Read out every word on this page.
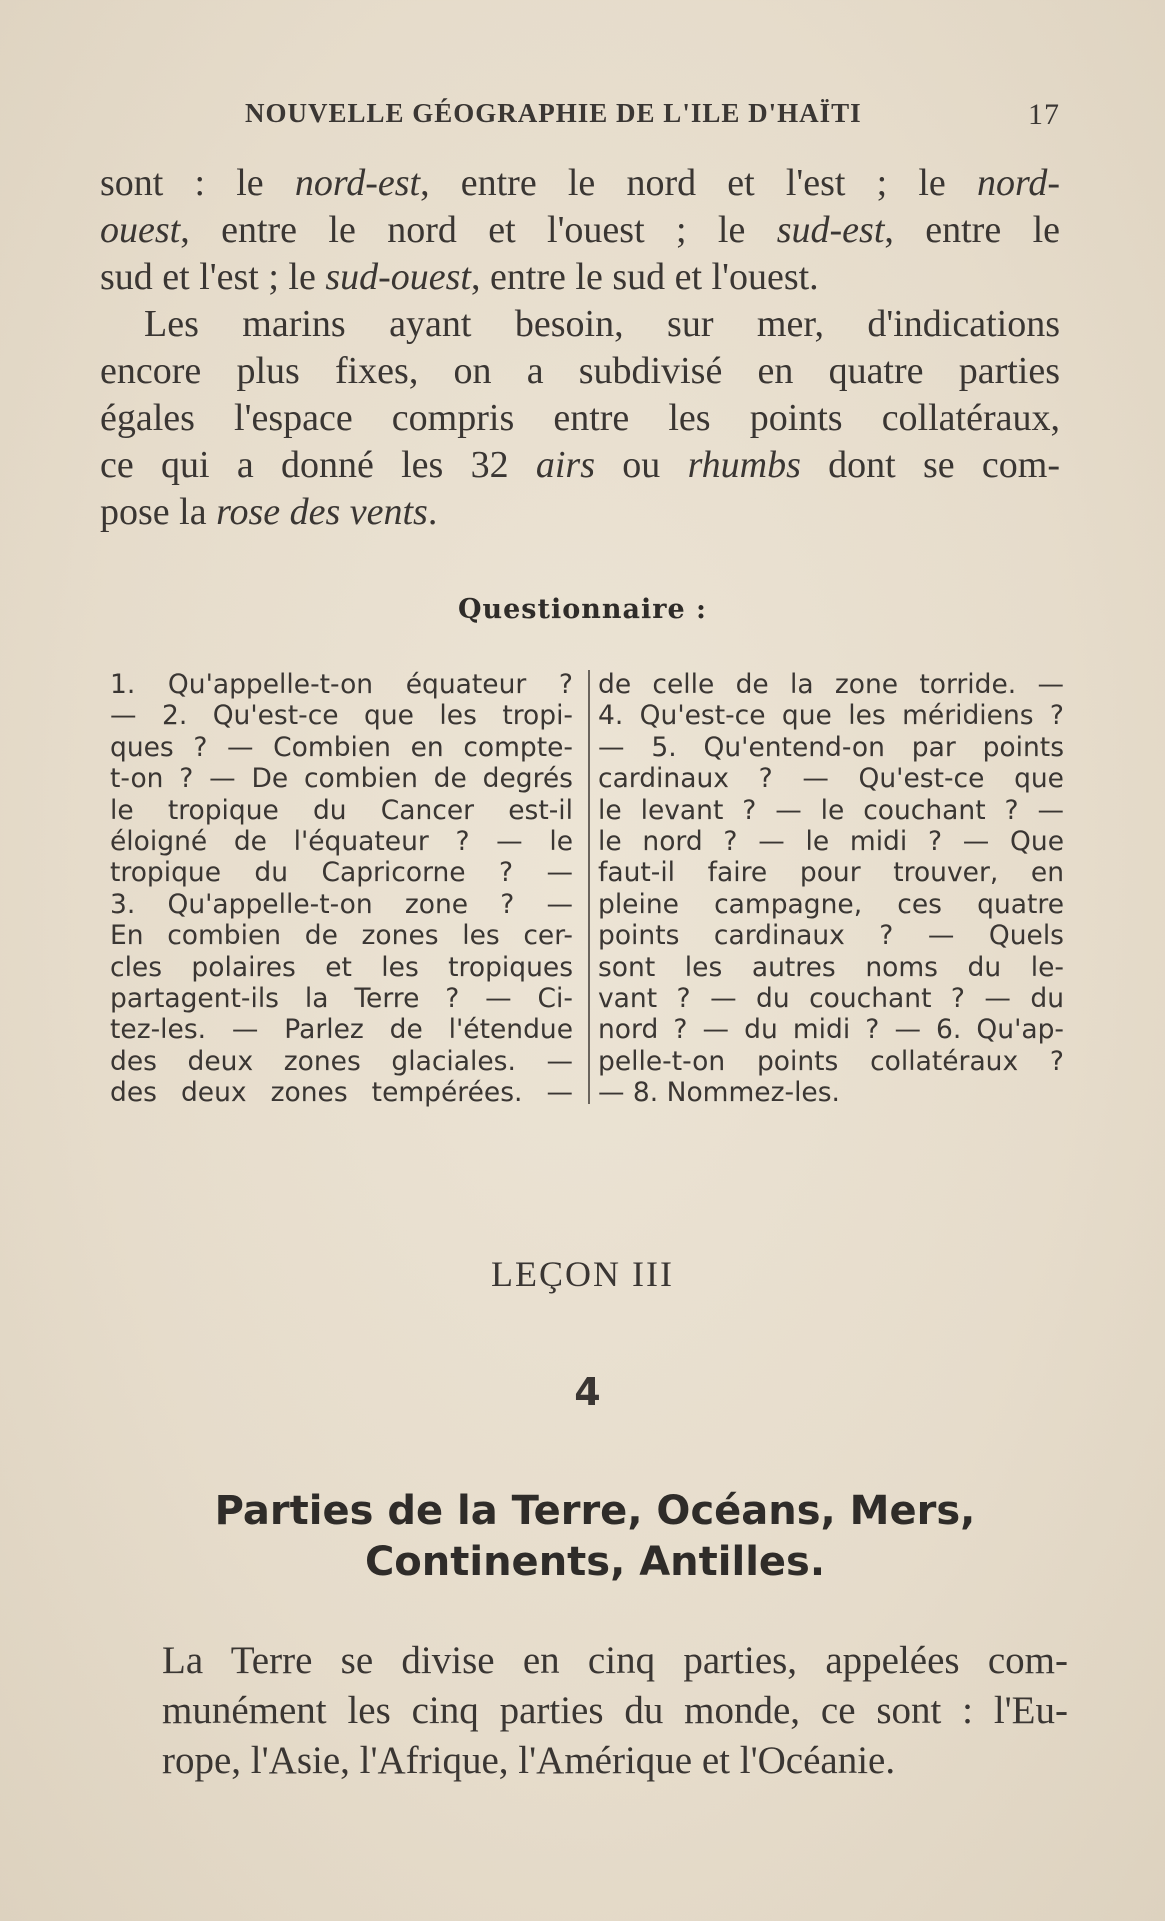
NOUVELLE GÉOGRAPHIE DE L'ILE D'HAÏTI	17
sont : le nord-est, entre le nord et l'est ; le nord-
ouest, entre le nord et l'ouest ; le sud-est, entre le
sud et l'est ; le sud-ouest, entre le sud et l'ouest.
Les marins ayant besoin, sur mer, d'indications
encore plus fixes, on a subdivisé en quatre parties
égales l'espace compris entre les points collatéraux,
ce qui a donné les 32 airs ou rhumbs dont se com-
pose la rose des vents.
Questionnaire :
1. Qu'appelle-t-on équateur ?
— 2. Qu'est-ce que les tropi-
ques ? — Combien en compte-
t-on ? — De combien de degrés
le tropique du Cancer est-il
éloigné de l'équateur ? — le
tropique du Capricorne ? —
3. Qu'appelle-t-on zone ? —
En combien de zones les cer-
cles polaires et les tropiques
partagent-ils la Terre ? — Ci-
tez-les. — Parlez de l'étendue
des deux zones glaciales. —
des deux zones tempérées. —
de celle de la zone torride. —
4. Qu'est-ce que les méridiens ?
— 5. Qu'entend-on par points
cardinaux ? — Qu'est-ce que
le levant ? — le couchant ? —
le nord ? — le midi ? — Que
faut-il faire pour trouver, en
pleine campagne, ces quatre
points cardinaux ? — Quels
sont les autres noms du le-
vant ? — du couchant ? — du
nord ? — du midi ? — 6. Qu'ap-
pelle-t-on points collatéraux ?
— 8. Nommez-les.
LEÇON III
4
Parties de la Terre, Océans, Mers,
Continents, Antilles.
La Terre se divise en cinq parties, appelées com-
munément les cinq parties du monde, ce sont : l'Eu-
rope, l'Asie, l'Afrique, l'Amérique et l'Océanie.
